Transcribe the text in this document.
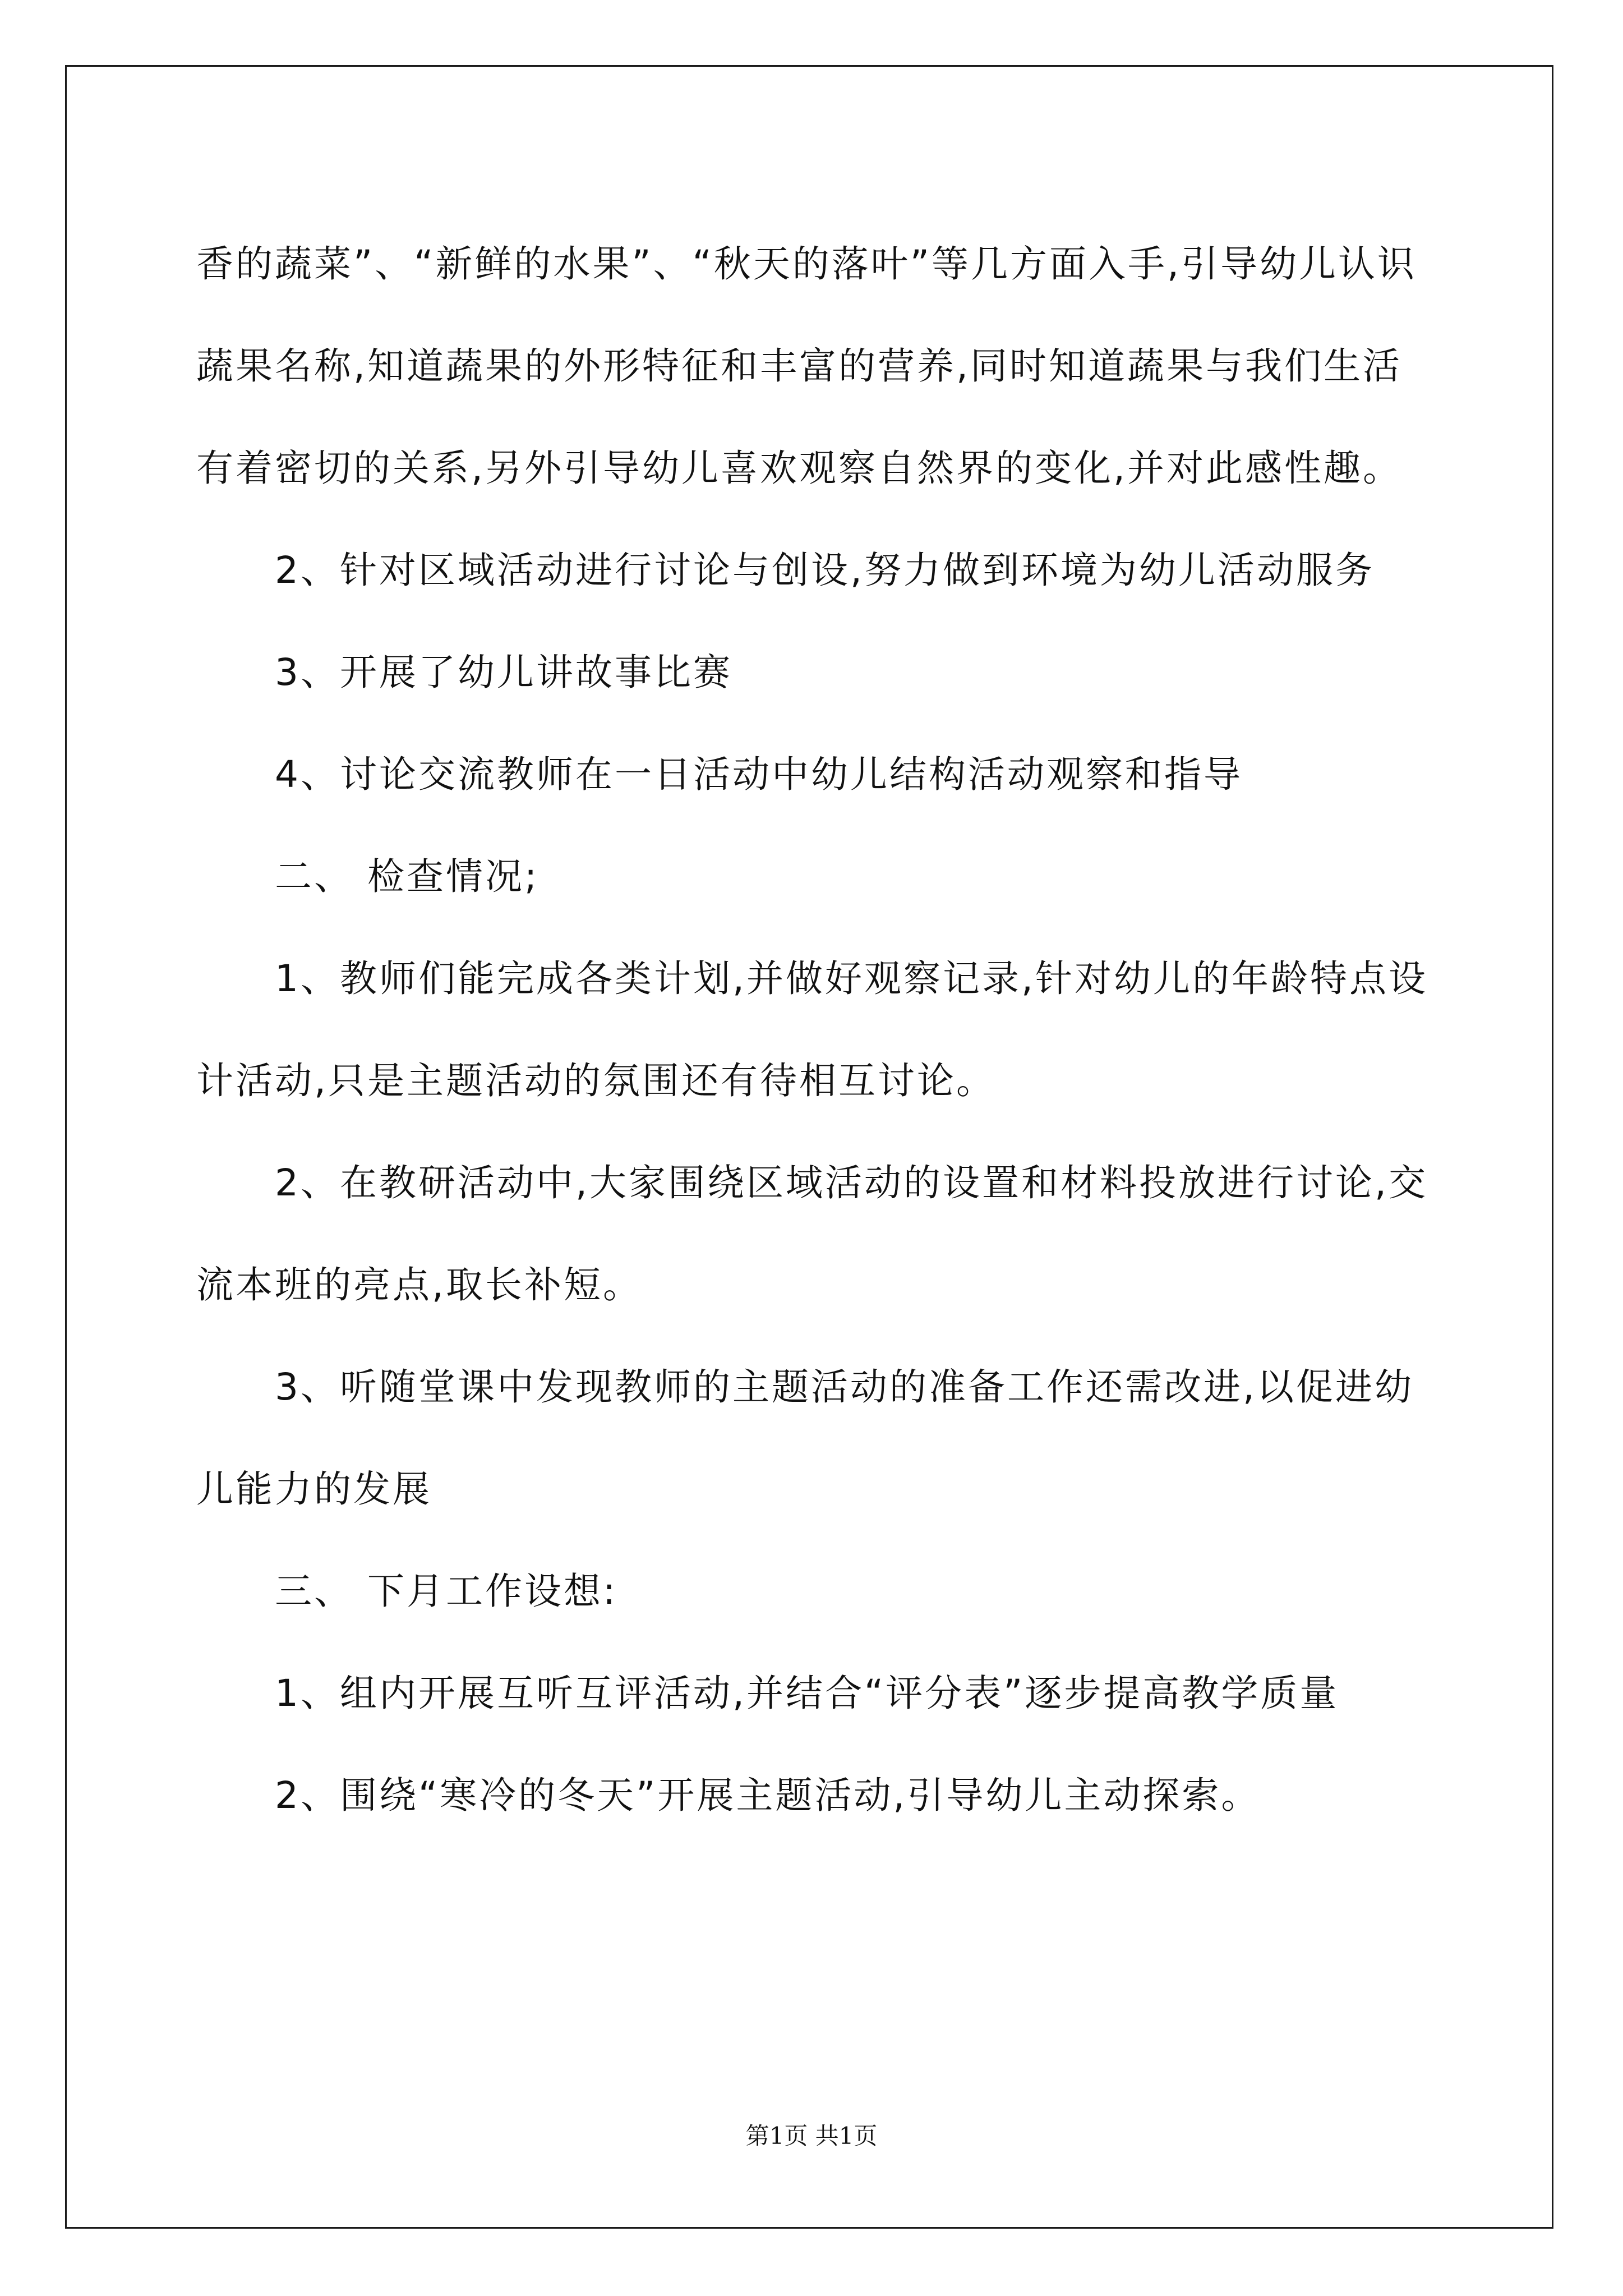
香的蔬菜”、“新鲜的水果”、“秋天的落叶”等几方面入手,引导幼儿认识蔬果名称,知道蔬果的外形特征和丰富的营养,同时知道蔬果与我们生活有着密切的关系,另外引导幼儿喜欢观察自然界的变化,并对此感性趣。

2、针对区域活动进行讨论与创设,努力做到环境为幼儿活动服务

3、开展了幼儿讲故事比赛

4、讨论交流教师在一日活动中幼儿结构活动观察和指导

二、 检查情况;

1、教师们能完成各类计划,并做好观察记录,针对幼儿的年龄特点设计活动,只是主题活动的氛围还有待相互讨论。

2、在教研活动中,大家围绕区域活动的设置和材料投放进行讨论,交流本班的亮点,取长补短。

3、听随堂课中发现教师的主题活动的准备工作还需改进,以促进幼儿能力的发展

三、 下月工作设想:

1、组内开展互听互评活动,并结合“评分表”逐步提高教学质量

2、围绕“寒冷的冬天”开展主题活动,引导幼儿主动探索。

第1页 共1页
